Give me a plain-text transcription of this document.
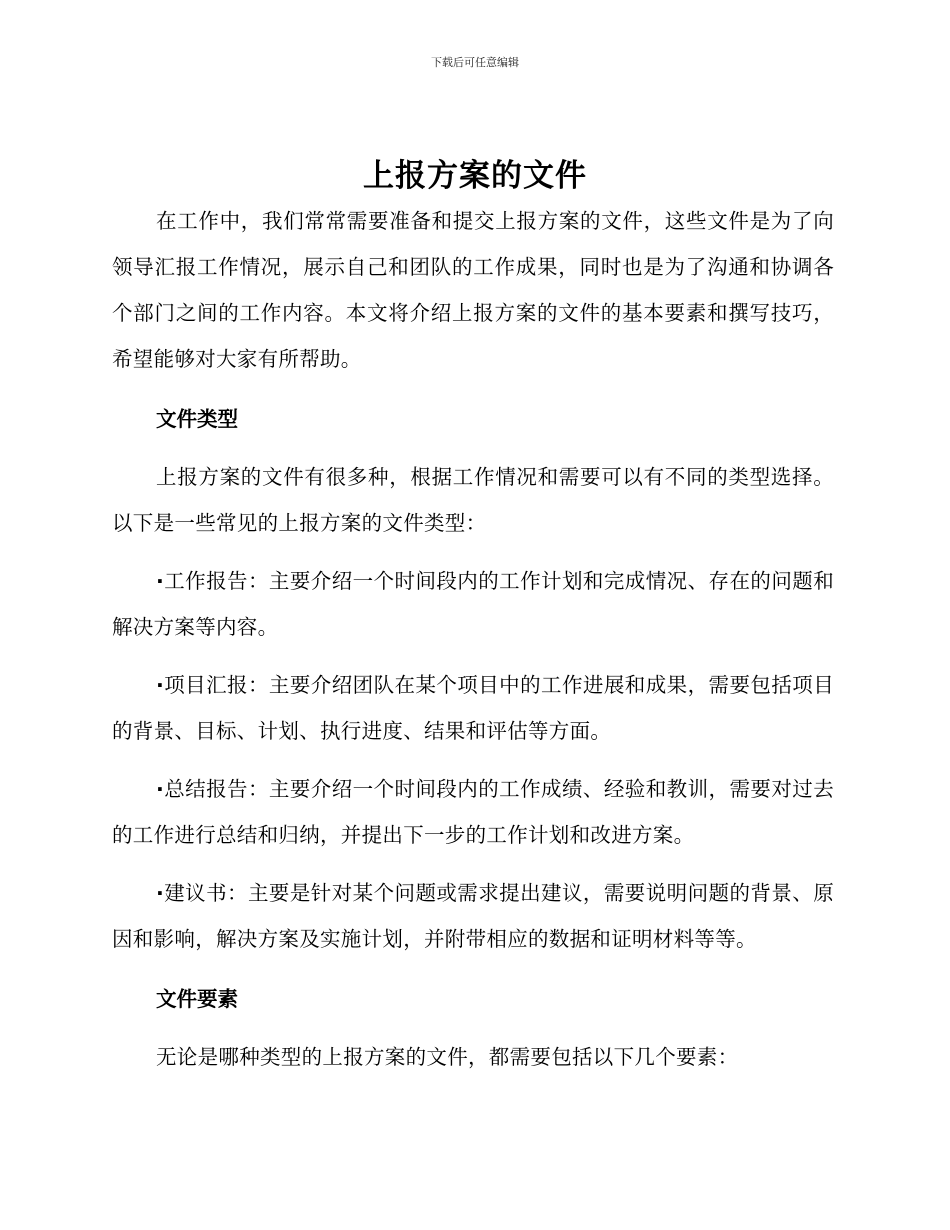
下载后可任意编辑
上报方案的文件

在工作中，我们常常需要准备和提交上报方案的文件，这些文件是为了向领导汇报工作情况，展示自己和团队的工作成果，同时也是为了沟通和协调各个部门之间的工作内容。本文将介绍上报方案的文件的基本要素和撰写技巧，希望能够对大家有所帮助。

文件类型

上报方案的文件有很多种，根据工作情况和需要可以有不同的类型选择。以下是一些常见的上报方案的文件类型：

·工作报告：主要介绍一个时间段内的工作计划和完成情况、存在的问题和解决方案等内容。

·项目汇报：主要介绍团队在某个项目中的工作进展和成果，需要包括项目的背景、目标、计划、执行进度、结果和评估等方面。

·总结报告：主要介绍一个时间段内的工作成绩、经验和教训，需要对过去的工作进行总结和归纳，并提出下一步的工作计划和改进方案。

·建议书：主要是针对某个问题或需求提出建议，需要说明问题的背景、原因和影响，解决方案及实施计划，并附带相应的数据和证明材料等等。

文件要素

无论是哪种类型的上报方案的文件，都需要包括以下几个要素：
